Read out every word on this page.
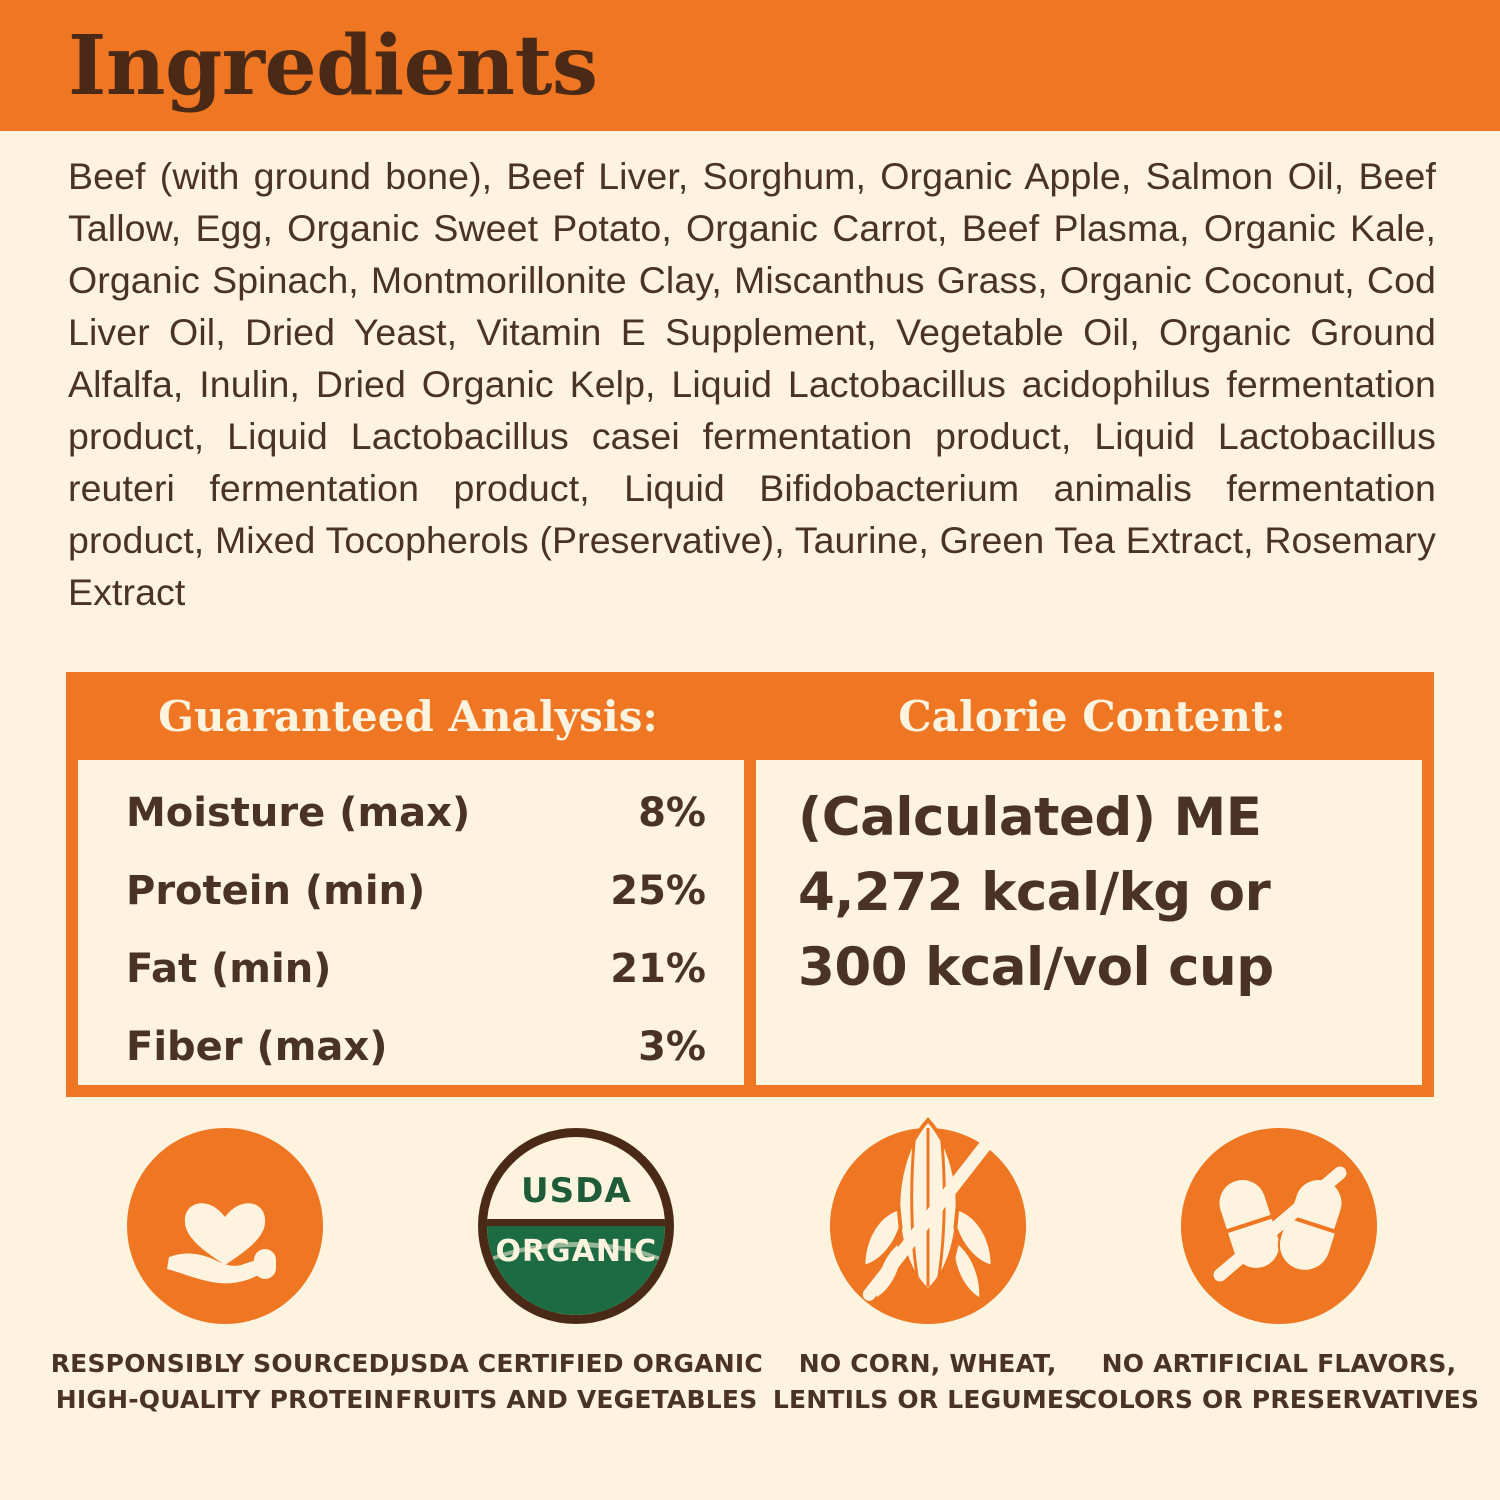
Ingredients
Beef (with ground bone), Beef Liver, Sorghum, Organic Apple, Salmon Oil, Beef Tallow, Egg, Organic Sweet Potato, Organic Carrot, Beef Plasma, Organic Kale, Organic Spinach, Montmorillonite Clay, Miscanthus Grass, Organic Coconut, Cod Liver Oil, Dried Yeast, Vitamin E Supplement, Vegetable Oil, Organic Ground Alfalfa, Inulin, Dried Organic Kelp, Liquid Lactobacillus acidophilus fermentation product, Liquid Lactobacillus casei fermentation product, Liquid Lactobacillus reuteri fermentation product, Liquid Bifidobacterium animalis fermentation product, Mixed Tocopherols (Preservative), Taurine, Green Tea Extract, Rosemary Extract
Guaranteed Analysis:
Moisture (max)	8%
Protein (min)	25%
Fat (min)	21%
Fiber (max)	3%
Calorie Content:
(Calculated) ME
4,272 kcal/kg or
300 kcal/vol cup
RESPONSIBLY SOURCED,
HIGH-QUALITY PROTEIN
USDA
ORGANIC
USDA CERTIFIED ORGANIC
FRUITS AND VEGETABLES
NO CORN, WHEAT,
LENTILS OR LEGUMES
NO ARTIFICIAL FLAVORS,
COLORS OR PRESERVATIVES
